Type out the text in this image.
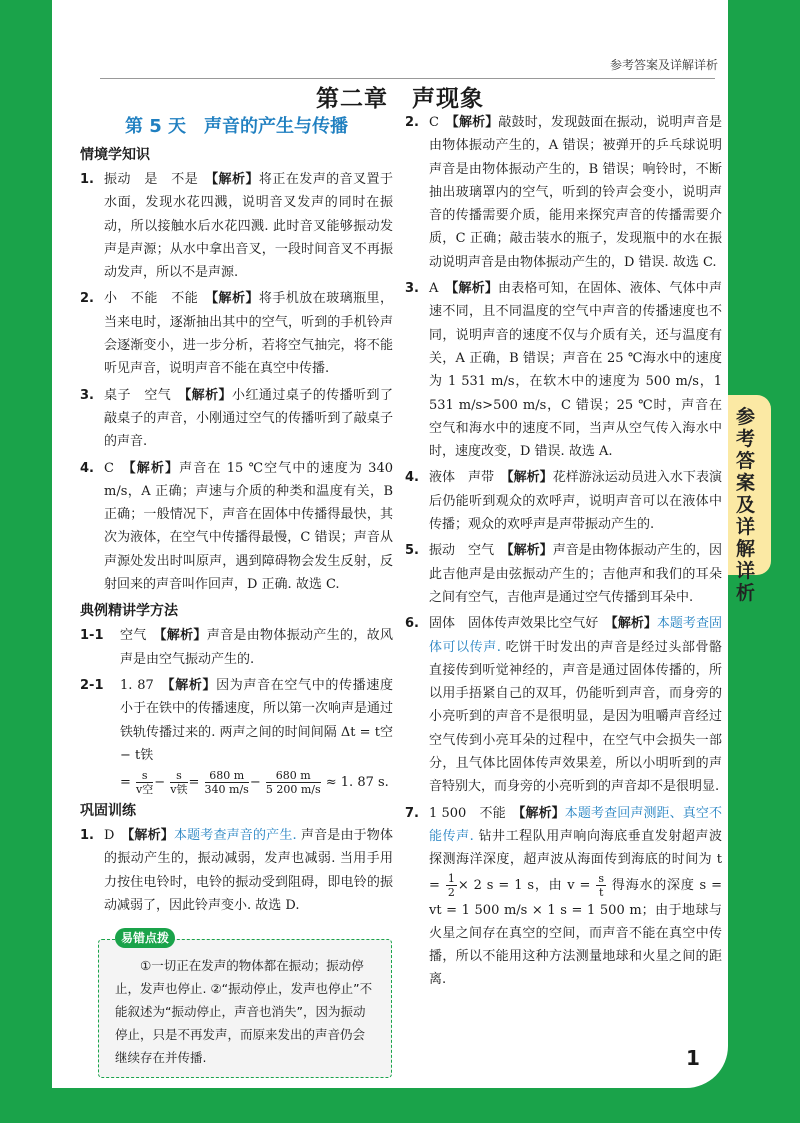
参考答案及详解详析
参考答案及详解详析
第二章　声现象
第 5 天　声音的产生与传播
情境学知识
1. 振动　是　不是　【解析】将正在发声的音叉置于水面，发现水花四溅，说明音叉发声的同时在振动，所以接触水后水花四溅. 此时音叉能够振动发声是声源；从水中拿出音叉，一段时间音叉不再振动发声，所以不是声源.
2. 小　不能　不能　【解析】将手机放在玻璃瓶里，当来电时，逐渐抽出其中的空气，听到的手机铃声会逐渐变小，进一步分析，若将空气抽完，将不能听见声音，说明声音不能在真空中传播.
3. 桌子　空气　【解析】小红通过桌子的传播听到了敲桌子的声音，小刚通过空气的传播听到了敲桌子的声音.
4. C　【解析】声音在 15 ℃空气中的速度为 340 m/s，A 正确；声速与介质的种类和温度有关，B 正确；一般情况下，声音在固体中传播得最快，其次为液体，在空气中传播得最慢，C 错误；声音从声源处发出时叫原声，遇到障碍物会发生反射，反射回来的声音叫作回声，D 正确. 故选 C.
典例精讲学方法
1-1 空气　【解析】声音是由物体振动产生的，故风声是由空气振动产生的.
2-1 1. 87　【解析】因为声音在空气中的传播速度小于在铁中的传播速度，所以第一次响声是通过铁轨传播过来的. 两声之间的时间间隔 Δt = t空 − t铁
= $\frac{s}{\text{v空}} - \frac{s}{\text{v铁}} = \frac{680 m}{340 m/s} - \frac{680 m}{5 200 m/s} \approx 1$. 87 s.
巩固训练
1. D　【解析】本题考查声音的产生. 声音是由于物体的振动产生的，振动减弱，发声也减弱. 当用手用力按住电铃时，电铃的振动受到阻碍，即电铃的振动减弱了，因此铃声变小. 故选 D.
易错点拨
①一切正在发声的物体都在振动；振动停止，发声也停止. ②“振动停止，发声也停止”不能叙述为“振动停止，声音也消失”，因为振动停止，只是不再发声，而原来发出的声音仍会继续存在并传播.
2. C　【解析】敲鼓时，发现鼓面在振动，说明声音是由物体振动产生的，A 错误；被弹开的乒乓球说明声音是由物体振动产生的，B 错误；响铃时，不断抽出玻璃罩内的空气，听到的铃声会变小，说明声音的传播需要介质，能用来探究声音的传播需要介质，C 正确；敲击装水的瓶子，发现瓶中的水在振动说明声音是由物体振动产生的，D 错误. 故选 C.
3. A　【解析】由表格可知，在固体、液体、气体中声速不同，且不同温度的空气中声音的传播速度也不同，说明声音的速度不仅与介质有关，还与温度有关，A 正确，B 错误；声音在 25 ℃海水中的速度为 1 531 m/s，在软木中的速度为 500 m/s，1 531 m/s>500 m/s，C 错误；25 ℃时，声音在空气和海水中的速度不同，当声从空气传入海水中时，速度改变，D 错误. 故选 A.
4. 液体　声带　【解析】花样游泳运动员进入水下表演后仍能听到观众的欢呼声，说明声音可以在液体中传播；观众的欢呼声是声带振动产生的.
5. 振动　空气　【解析】声音是由物体振动产生的，因此吉他声是由弦振动产生的；吉他声和我们的耳朵之间有空气，吉他声是通过空气传播到耳朵中.
6. 固体　固体传声效果比空气好　【解析】本题考查固体可以传声. 吃饼干时发出的声音是经过头部骨骼直接传到听觉神经的，声音是通过固体传播的，所以用手捂紧自己的双耳，仍能听到声音，而身旁的小亮听到的声音不是很明显，是因为咀嚼声音经过空气传到小亮耳朵的过程中，在空气中会损失一部分，且气体比固体传声效果差，所以小明听到的声音特别大，而身旁的小亮听到的声音却不是很明显.
7. 1 500　不能　【解析】本题考查回声测距、真空不能传声. 钻井工程队用声响向海底垂直发射超声波探测海洋深度，超声波从海面传到海底的时间为 $t = \frac{1}{2} \times 2$ s = 1 s，由 $v = \frac{s}{t}$ 得海水的深度 s = vt = 1 500 m/s × 1 s = 1 500 m；由于地球与火星之间存在真空的空间，而声音不能在真空中传播，所以不能用这种方法测量地球和火星之间的距离.
1
